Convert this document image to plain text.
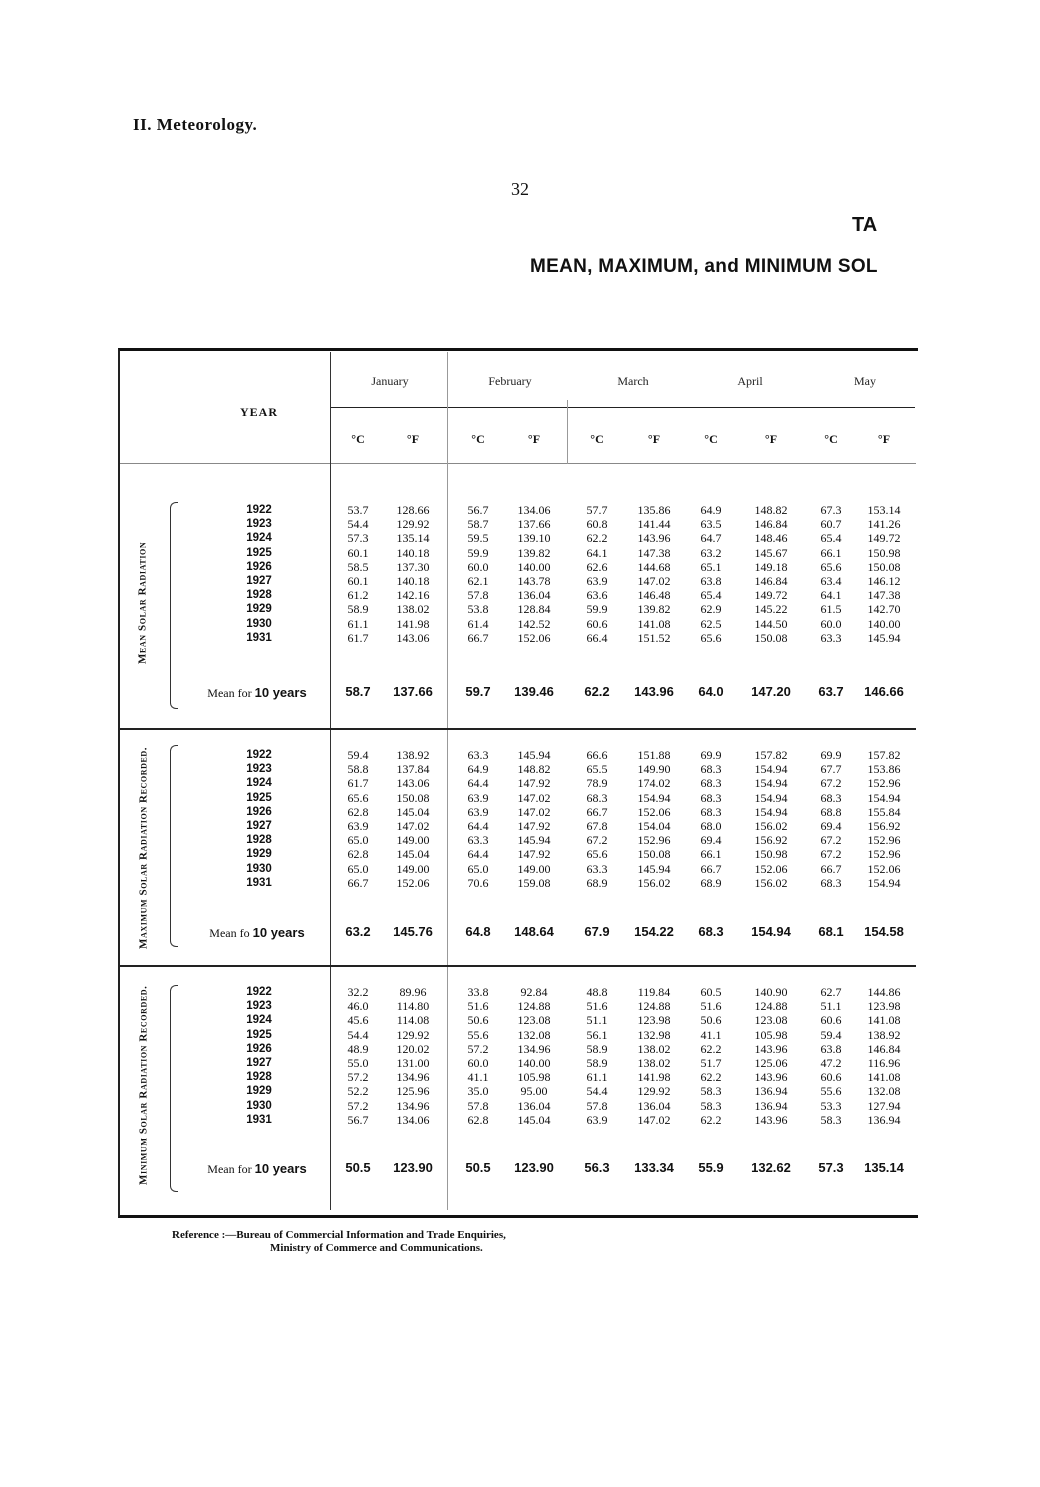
II. Meteorology.
32
TA
MEAN, MAXIMUM, and MINIMUM SOL
YEAR
January	February	March	April	May
°C	°F	°C	°F	°C	°F	°C	°F	°C	°F
Mean Solar Radiation
Maximum Solar Radiation Recorded.
Minimum Solar Radiation Recorded.
1922	53.7	128.66	56.7	134.06	57.7	135.86	64.9	148.82	67.3	153.14
1923	54.4	129.92	58.7	137.66	60.8	141.44	63.5	146.84	60.7	141.26
1924	57.3	135.14	59.5	139.10	62.2	143.96	64.7	148.46	65.4	149.72
1925	60.1	140.18	59.9	139.82	64.1	147.38	63.2	145.67	66.1	150.98
1926	58.5	137.30	60.0	140.00	62.6	144.68	65.1	149.18	65.6	150.08
1927	60.1	140.18	62.1	143.78	63.9	147.02	63.8	146.84	63.4	146.12
1928	61.2	142.16	57.8	136.04	63.6	146.48	65.4	149.72	64.1	147.38
1929	58.9	138.02	53.8	128.84	59.9	139.82	62.9	145.22	61.5	142.70
1930	61.1	141.98	61.4	142.52	60.6	141.08	62.5	144.50	60.0	140.00
1931	61.7	143.06	66.7	152.06	66.4	151.52	65.6	150.08	63.3	145.94
Mean for 10 years	58.7	137.66	59.7	139.46	62.2	143.96	64.0	147.20	63.7	146.66
1922	59.4	138.92	63.3	145.94	66.6	151.88	69.9	157.82	69.9	157.82
1923	58.8	137.84	64.9	148.82	65.5	149.90	68.3	154.94	67.7	153.86
1924	61.7	143.06	64.4	147.92	78.9	174.02	68.3	154.94	67.2	152.96
1925	65.6	150.08	63.9	147.02	68.3	154.94	68.3	154.94	68.3	154.94
1926	62.8	145.04	63.9	147.02	66.7	152.06	68.3	154.94	68.8	155.84
1927	63.9	147.02	64.4	147.92	67.8	154.04	68.0	156.02	69.4	156.92
1928	65.0	149.00	63.3	145.94	67.2	152.96	69.4	156.92	67.2	152.96
1929	62.8	145.04	64.4	147.92	65.6	150.08	66.1	150.98	67.2	152.96
1930	65.0	149.00	65.0	149.00	63.3	145.94	66.7	152.06	66.7	152.06
1931	66.7	152.06	70.6	159.08	68.9	156.02	68.9	156.02	68.3	154.94
Mean fo 10 years	63.2	145.76	64.8	148.64	67.9	154.22	68.3	154.94	68.1	154.58
1922	32.2	89.96	33.8	92.84	48.8	119.84	60.5	140.90	62.7	144.86
1923	46.0	114.80	51.6	124.88	51.6	124.88	51.6	124.88	51.1	123.98
1924	45.6	114.08	50.6	123.08	51.1	123.98	50.6	123.08	60.6	141.08
1925	54.4	129.92	55.6	132.08	56.1	132.98	41.1	105.98	59.4	138.92
1926	48.9	120.02	57.2	134.96	58.9	138.02	62.2	143.96	63.8	146.84
1927	55.0	131.00	60.0	140.00	58.9	138.02	51.7	125.06	47.2	116.96
1928	57.2	134.96	41.1	105.98	61.1	141.98	62.2	143.96	60.6	141.08
1929	52.2	125.96	35.0	95.00	54.4	129.92	58.3	136.94	55.6	132.08
1930	57.2	134.96	57.8	136.04	57.8	136.04	58.3	136.94	53.3	127.94
1931	56.7	134.06	62.8	145.04	63.9	147.02	62.2	143.96	58.3	136.94
Mean for 10 years	50.5	123.90	50.5	123.90	56.3	133.34	55.9	132.62	57.3	135.14
Reference :—Bureau of Commercial Information and Trade Enquiries,
Ministry of Commerce and Communications.
